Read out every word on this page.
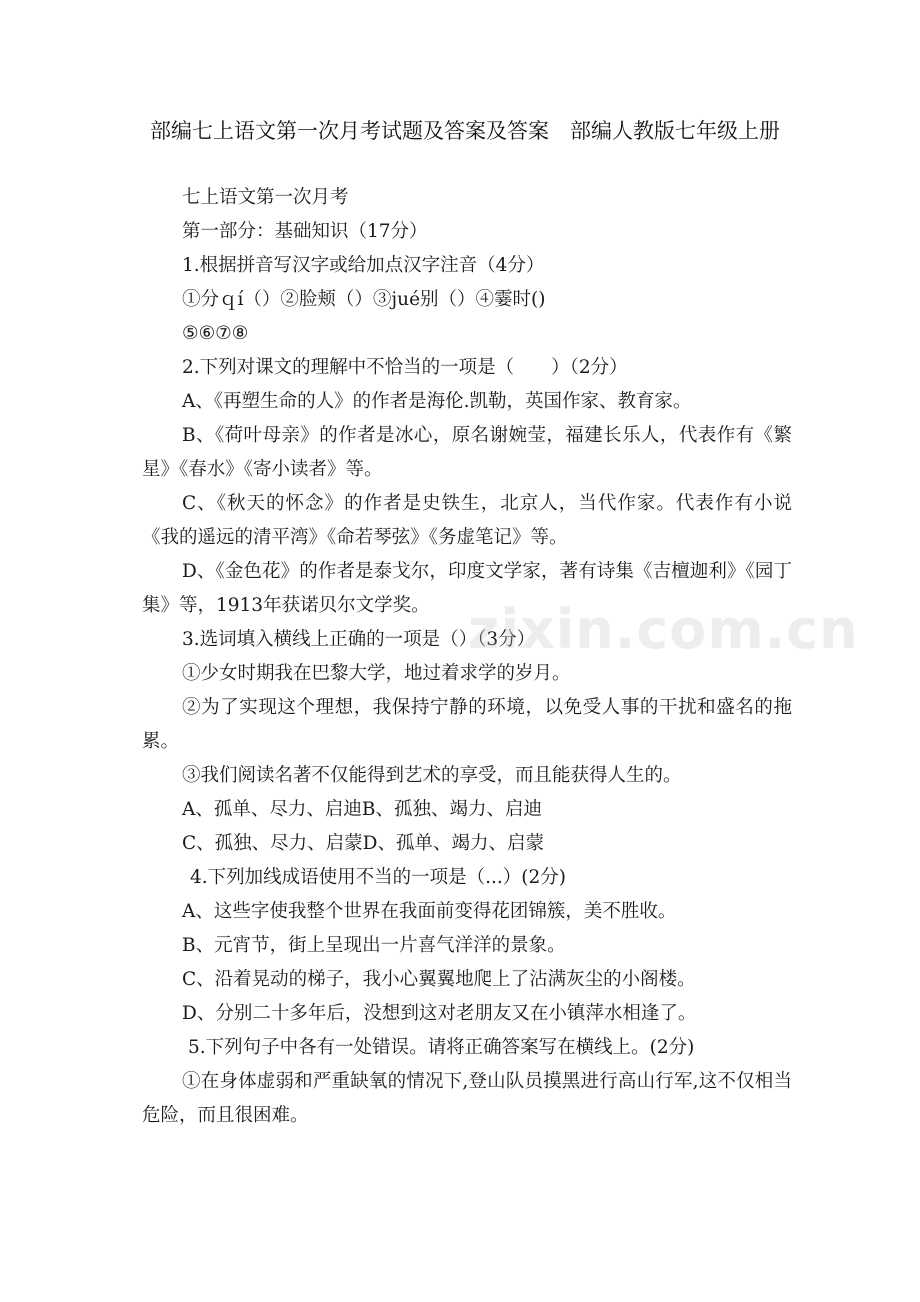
部编七上语文第一次月考试题及答案及答案　部编人教版七年级上册

七上语文第一次月考

第一部分：基础知识（17分）

1.根据拼音写汉字或给加点汉字注音（4分）

①分ｑí（）②脸颊（）③jué别（）④霎时()

⑤⑥⑦⑧

2.下列对课文的理解中不恰当的一项是（　　）（2分）

A、《再塑生命的人》的作者是海伦.凯勒，英国作家、教育家。

B、《荷叶母亲》的作者是冰心，原名谢婉莹，福建长乐人，代表作有《繁星》《春水》《寄小读者》等。

C、《秋天的怀念》的作者是史铁生，北京人，当代作家。代表作有小说《我的遥远的清平湾》《命若琴弦》《务虚笔记》等。

D、《金色花》的作者是泰戈尔，印度文学家，著有诗集《吉檀迦利》《园丁集》等，1913年获诺贝尔文学奖。

3.选词填入横线上正确的一项是（）（3分）

①少女时期我在巴黎大学，地过着求学的岁月。

②为了实现这个理想，我保持宁静的环境，以免受人事的干扰和盛名的拖累。

③我们阅读名著不仅能得到艺术的享受，而且能获得人生的。

A、孤单、尽力、启迪B、孤独、竭力、启迪

C、孤独、尽力、启蒙D、孤单、竭力、启蒙

4.下列加线成语使用不当的一项是（...）(2分)

A、这些字使我整个世界在我面前变得花团锦簇，美不胜收。

B、元宵节，街上呈现出一片喜气洋洋的景象。

C、沿着晃动的梯子，我小心翼翼地爬上了沾满灰尘的小阁楼。

D、分别二十多年后，没想到这对老朋友又在小镇萍水相逢了。

5.下列句子中各有一处错误。请将正确答案写在横线上。(2分)

①在身体虚弱和严重缺氧的情况下,登山队员摸黑进行高山行军,这不仅相当危险，而且很困难。

zixin.com.cn
